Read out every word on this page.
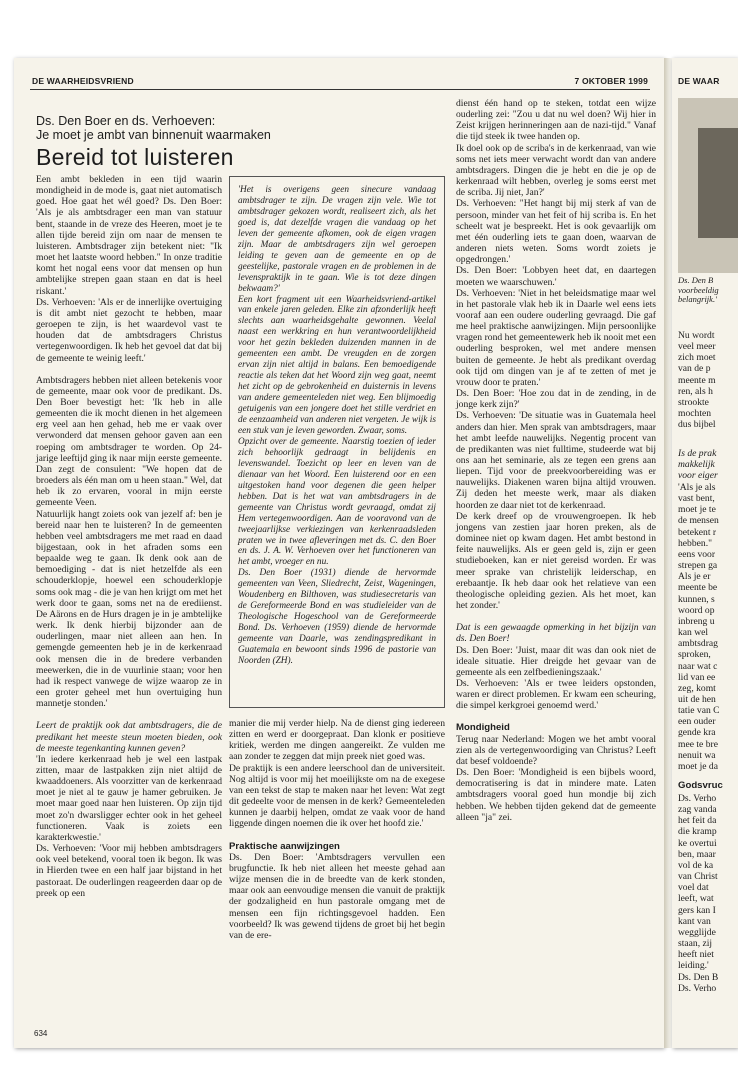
DE WAARHEIDSVRIEND	7 OKTOBER 1999
Ds. Den Boer en ds. Verhoeven:
Je moet je ambt van binnenuit waarmaken
Bereid tot luisteren

Een ambt bekleden in een tijd waarin mondigheid in de mode is, gaat niet automatisch goed. Hoe gaat het wél goed? Ds. Den Boer: 'Als je als ambtsdrager een man van statuur bent, staande in de vreze des Heeren, moet je te allen tijde bereid zijn om naar de mensen te luisteren. Ambtsdrager zijn betekent niet: "Ik moet het laatste woord hebben." In onze traditie komt het nogal eens voor dat mensen op hun ambtelijke strepen gaan staan en dat is heel riskant.'

Ds. Verhoeven: 'Als er de innerlijke overtuiging is dit ambt niet gezocht te hebben, maar geroepen te zijn, is het waardevol vast te houden dat de ambtsdragers Christus vertegenwoordigen. Ik heb het gevoel dat dat bij de gemeente te weinig leeft.'

Ambtsdragers hebben niet alleen betekenis voor de gemeente, maar ook voor de predikant. Ds. Den Boer bevestigt het: 'Ik heb in alle gemeenten die ik mocht dienen in het algemeen erg veel aan hen gehad, heb me er vaak over verwonderd dat mensen gehoor gaven aan een roeping om ambtsdrager te worden. Op 24-jarige leeftijd ging ik naar mijn eerste gemeente. Dan zegt de consulent: "We hopen dat de broeders als één man om u heen staan." Wel, dat heb ik zo ervaren, vooral in mijn eerste gemeente Veen.

Natuurlijk hangt zoiets ook van jezelf af: ben je bereid naar hen te luisteren? In de gemeenten hebben veel ambtsdragers me met raad en daad bijgestaan, ook in het afraden soms een bepaalde weg te gaan. Ik denk ook aan de bemoediging - dat is niet hetzelfde als een schouderklopje, hoewel een schouderklopje soms ook mag - die je van hen krijgt om met het werk door te gaan, soms net na de erediienst. De Aärons en de Hurs dragen je in je ambtelijke werk. Ik denk hierbij bijzonder aan de ouderlingen, maar niet alleen aan hen. In gemengde gemeenten heb je in de kerkenraad ook mensen die in de bredere verbanden meewerken, die in de vuurlinie staan; voor hen had ik respect vanwege de wijze waarop ze in een groter geheel met hun overtuiging hun mannetje stonden.'

Leert de praktijk ook dat ambtsdragers, die de predikant het meeste steun moeten bieden, ook de meeste tegenkanting kunnen geven?

'In iedere kerkenraad heb je wel een lastpak zitten, maar de lastpakken zijn niet altijd de kwaaddoeners. Als voorzitter van de kerkenraad moet je niet al te gauw je hamer gebruiken. Je moet maar goed naar hen luisteren. Op zijn tijd moet zo'n dwarsligger echter ook in het geheel functioneren. Vaak is zoiets een karakterkwestie.'

Ds. Verhoeven: 'Voor mij hebben ambtsdragers ook veel betekend, vooral toen ik begon. Ik was in Hierden twee en een half jaar bijstand in het pastoraat. De ouderlingen reageerden daar op de preek op een

'Het is overigens geen sinecure vandaag ambtsdrager te zijn. De vragen zijn vele. Wie tot ambtsdrager gekozen wordt, realiseert zich, als het goed is, dat dezelfde vragen die vandaag op het leven der gemeente afkomen, ook de eigen vragen zijn. Maar de ambtsdragers zijn wel geroepen leiding te geven aan de gemeente en op de geestelijke, pastorale vragen en de problemen in de levenspraktijk in te gaan. Wie is tot deze dingen bekwaam?'

Een kort fragment uit een Waarheidsvriend-artikel van enkele jaren geleden. Elke zin afzonderlijk heeft slechts aan waarheidsgehalte gewonnen. Veelal naast een werkkring en hun verantwoordelijkheid voor het gezin bekleden duizenden mannen in de gemeenten een ambt. De vreugden en de zorgen ervan zijn niet altijd in balans. Een bemoedigende reactie als teken dat het Woord zijn weg gaat, neemt het zicht op de gebrokenheid en duisternis in levens van andere gemeenteleden niet weg. Een blijmoedig getuigenis van een jongere doet het stille verdriet en de eenzaamheid van anderen niet vergeten. Je wijk is een stuk van je leven geworden. Zwaar, soms.

Opzicht over de gemeente. Naarstig toezien of ieder zich behoorlijk gedraagt in belijdenis en levenswandel. Toezicht op leer en leven van de dienaar van het Woord. Een luisterend oor en een uitgestoken hand voor degenen die geen helper hebben. Dat is het wat van ambtsdragers in de gemeente van Christus wordt gevraagd, omdat zij Hem vertegenwoordigen. Aan de vooravond van de tweejaarlijkse verkiezingen van kerkenraadsleden praten we in twee afleveringen met ds. C. den Boer en ds. J. A. W. Verhoeven over het functioneren van het ambt, vroeger en nu.

Ds. Den Boer (1931) diende de hervormde gemeenten van Veen, Sliedrecht, Zeist, Wageningen, Woudenberg en Bilthoven, was studiesecretaris van de Gereformeerde Bond en was studieleider van de Theologische Hogeschool van de Gereformeerde Bond. Ds. Verhoeven (1959) diende de hervormde gemeente van Daarle, was zendingspredikant in Guatemala en bewoont sinds 1996 de pastorie van Noorden (ZH).

manier die mij verder hielp. Na de dienst ging iedereen zitten en werd er doorgepraat. Dan klonk er positieve kritiek, werden me dingen aangereikt. Ze vulden me aan zonder te zeggen dat mijn preek niet goed was.

De praktijk is een andere leerschool dan de universiteit. Nog altijd is voor mij het moeilijkste om na de exegese van een tekst de stap te maken naar het leven: Wat zegt dit gedeelte voor de mensen in de kerk? Gemeenteleden kunnen je daarbij helpen, omdat ze vaak voor de hand liggende dingen noemen die ik over het hoofd zie.'

Praktische aanwijzingen

Ds. Den Boer: 'Ambtsdragers vervullen een brugfunctie. Ik heb niet alleen het meeste gehad aan wijze mensen die in de breedte van de kerk stonden, maar ook aan eenvoudige mensen die vanuit de praktijk der godzaligheid en hun pastorale omgang met de mensen een fijn richtingsgevoel hadden. Een voorbeeld? Ik was gewend tijdens de groet bij het begin van de ere-

dienst één hand op te steken, totdat een wijze ouderling zei: "Zou u dat nu wel doen? Wij hier in Zeist krijgen herinneringen aan de nazi-tijd." Vanaf die tijd steek ik twee handen op.

Ik doel ook op de scriba's in de kerkenraad, van wie soms net iets meer verwacht wordt dan van andere ambtsdragers. Dingen die je hebt en die je op de kerkenraad wilt hebben, overleg je soms eerst met de scriba. Jij niet, Jan?'

Ds. Verhoeven: "Het hangt bij mij sterk af van de persoon, minder van het feit of hij scriba is. En het scheelt wat je bespreekt. Het is ook gevaarlijk om met één ouderling iets te gaan doen, waarvan de anderen niets weten. Soms wordt zoiets je opgedrongen.'

Ds. Den Boer: 'Lobbyen heet dat, en daartegen moeten we waarschuwen.'

Ds. Verhoeven: 'Niet in het beleidsmatige maar wel in het pastorale vlak heb ik in Daarle wel eens iets vooraf aan een oudere ouderling gevraagd. Die gaf me heel praktische aanwijzingen. Mijn persoonlijke vragen rond het gemeentewerk heb ik nooit met een ouderling besproken, wel met andere mensen buiten de gemeente. Je hebt als predikant overdag ook tijd om dingen van je af te zetten of met je vrouw door te praten.'

Ds. Den Boer: 'Hoe zou dat in de zending, in de jonge kerk zijn?'

Ds. Verhoeven: 'De situatie was in Guatemala heel anders dan hier. Men sprak van ambtsdragers, maar het ambt leefde nauwelijks. Negentig procent van de predikanten was niet fulltime, studeerde wat bij ons aan het seminarie, als ze tegen een grens aan liepen. Tijd voor de preekvoorbereiding was er nauwelijks. Diakenen waren bijna altijd vrouwen. Zij deden het meeste werk, maar als diaken hoorden ze daar niet tot de kerkenraad.

De kerk dreef op de vrouwengroepen. Ik heb jongens van zestien jaar horen preken, als de dominee niet op kwam dagen. Het ambt bestond in feite nauwelijks. Als er geen geld is, zijn er geen studieboeken, kan er niet gereisd worden. Er was meer sprake van christelijk leiderschap, en erebaantje. Ik heb daar ook het relatieve van een theologische opleiding gezien. Als het moet, kan het zonder.'

Dat is een gewaagde opmerking in het bijzijn van ds. Den Boer!

Ds. Den Boer: 'Juist, maar dit was dan ook niet de ideale situatie. Hier dreigde het gevaar van de gemeente als een zelfbedieningszaak.'

Ds. Verhoeven: 'Als er twee leiders opstonden, waren er direct problemen. Er kwam een scheuring, die simpel kerkgroei genoemd werd.'

Mondigheid

Terug naar Nederland: Mogen we het ambt vooral zien als de vertegenwoordiging van Christus? Leeft dat besef voldoende?

Ds. Den Boer: 'Mondigheid is een bijbels woord, democratisering is dat in mindere mate. Laten ambtsdragers vooral goed hun mondje bij zich hebben. We hebben tijden gekend dat de gemeente alleen "ja" zei.

634
DE WAAR
Ds. Den B
voorbeeldig
belangrijk.'
Nu wordt
veel meer
zich moet
van de p
meente m
ren, als h
strookte
mochten
dus bijbel
Is de prak
makkelijk
voor eiger
'Als je als
vast bent,
moet je te
de mensen
betekent r
hebben."
eens voor
strepen ga
Als je er
meente be
kunnen, s
woord op
inbreng u
kan wel
ambtsdrag
sproken,
naar wat c
lid van ee
zeg, komt
uit de hen
tatie van C
een ouder
gende kra
mee te bre
nenuit wa
moet je da
Godsvruc
Ds. Verho
zag vanda
het feit da
die kramp
ke overtui
ben, maar
vol de ka
van Christ
voel dat
leeft, wat
gers kan I
kant van
wegglijde
staan, zij
heeft niet
leiding.'
Ds. Den B
Ds. Verho
